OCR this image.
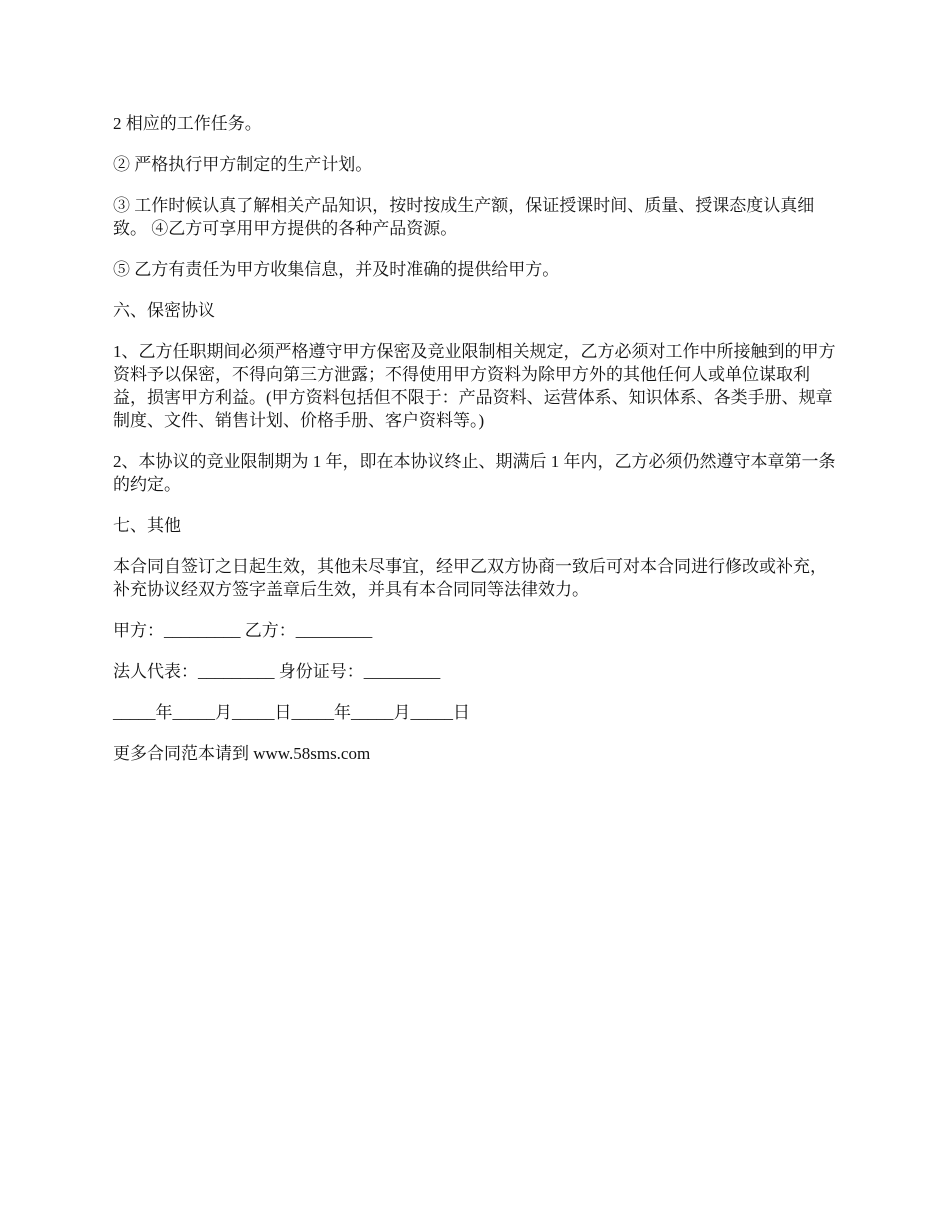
2 相应的工作任务。

② 严格执行甲方制定的生产计划。

③ 工作时候认真了解相关产品知识，按时按成生产额，保证授课时间、质量、授课态度认真细致。 ④乙方可享用甲方提供的各种产品资源。

⑤ 乙方有责任为甲方收集信息，并及时准确的提供给甲方。

六、保密协议

1、乙方任职期间必须严格遵守甲方保密及竞业限制相关规定，乙方必须对工作中所接触到的甲方资料予以保密，不得向第三方泄露；不得使用甲方资料为除甲方外的其他任何人或单位谋取利益，损害甲方利益。(甲方资料包括但不限于：产品资料、运营体系、知识体系、各类手册、规章制度、文件、销售计划、价格手册、客户资料等。)

2、本协议的竞业限制期为 1 年，即在本协议终止、期满后 1 年内，乙方必须仍然遵守本章第一条的约定。

七、其他

本合同自签订之日起生效，其他未尽事宜，经甲乙双方协商一致后可对本合同进行修改或补充，补充协议经双方签字盖章后生效，并具有本合同同等法律效力。

甲方：_________ 乙方：_________

法人代表：_________ 身份证号：_________

_____年_____月_____日_____年_____月_____日

更多合同范本请到 www.58sms.com
